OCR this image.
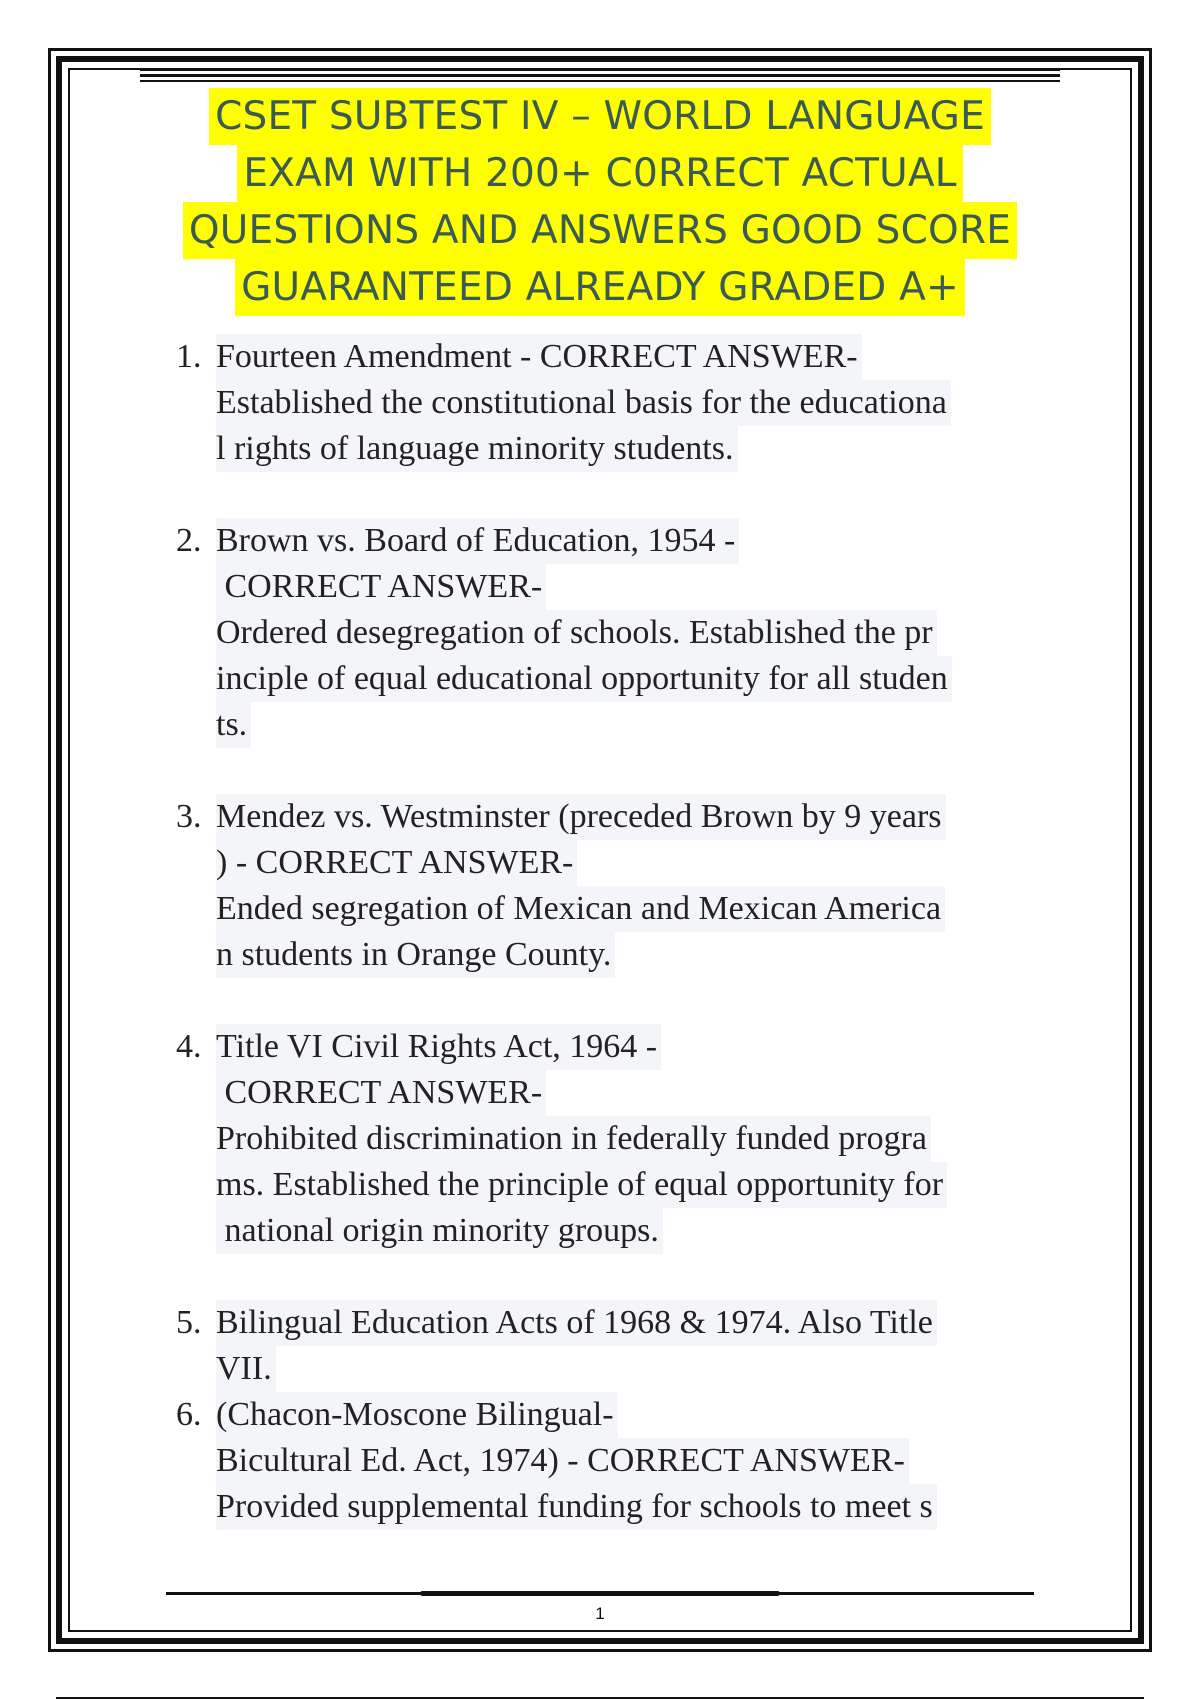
CSET SUBTEST IV – WORLD LANGUAGE
EXAM WITH 200+ C0RRECT ACTUAL
QUESTIONS AND ANSWERS GOOD SCORE
GUARANTEED ALREADY GRADED A+
1. Fourteen Amendment - CORRECT ANSWER-
Established the constitutional basis for the educationa
l rights of language minority students.
2. Brown vs. Board of Education, 1954 -
CORRECT ANSWER-
Ordered desegregation of schools. Established the pr
inciple of equal educational opportunity for all studen
ts.
3. Mendez vs. Westminster (preceded Brown by 9 years
) - CORRECT ANSWER-
Ended segregation of Mexican and Mexican America
n students in Orange County.
4. Title VI Civil Rights Act, 1964 -
CORRECT ANSWER-
Prohibited discrimination in federally funded progra
ms. Established the principle of equal opportunity for
national origin minority groups.
5. Bilingual Education Acts of 1968 & 1974. Also Title
VII.
6. (Chacon-Moscone Bilingual-
Bicultural Ed. Act, 1974) - CORRECT ANSWER-
Provided supplemental funding for schools to meet s
1
